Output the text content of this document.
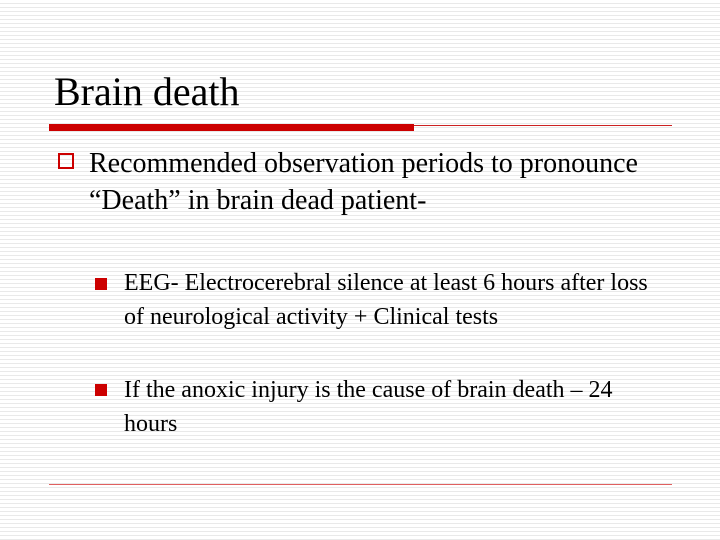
Brain death
Recommended observation periods to pronounce “Death” in brain dead patient-
EEG- Electrocerebral silence at least 6 hours after loss of neurological activity + Clinical tests
If the anoxic injury is the cause of brain death – 24 hours
